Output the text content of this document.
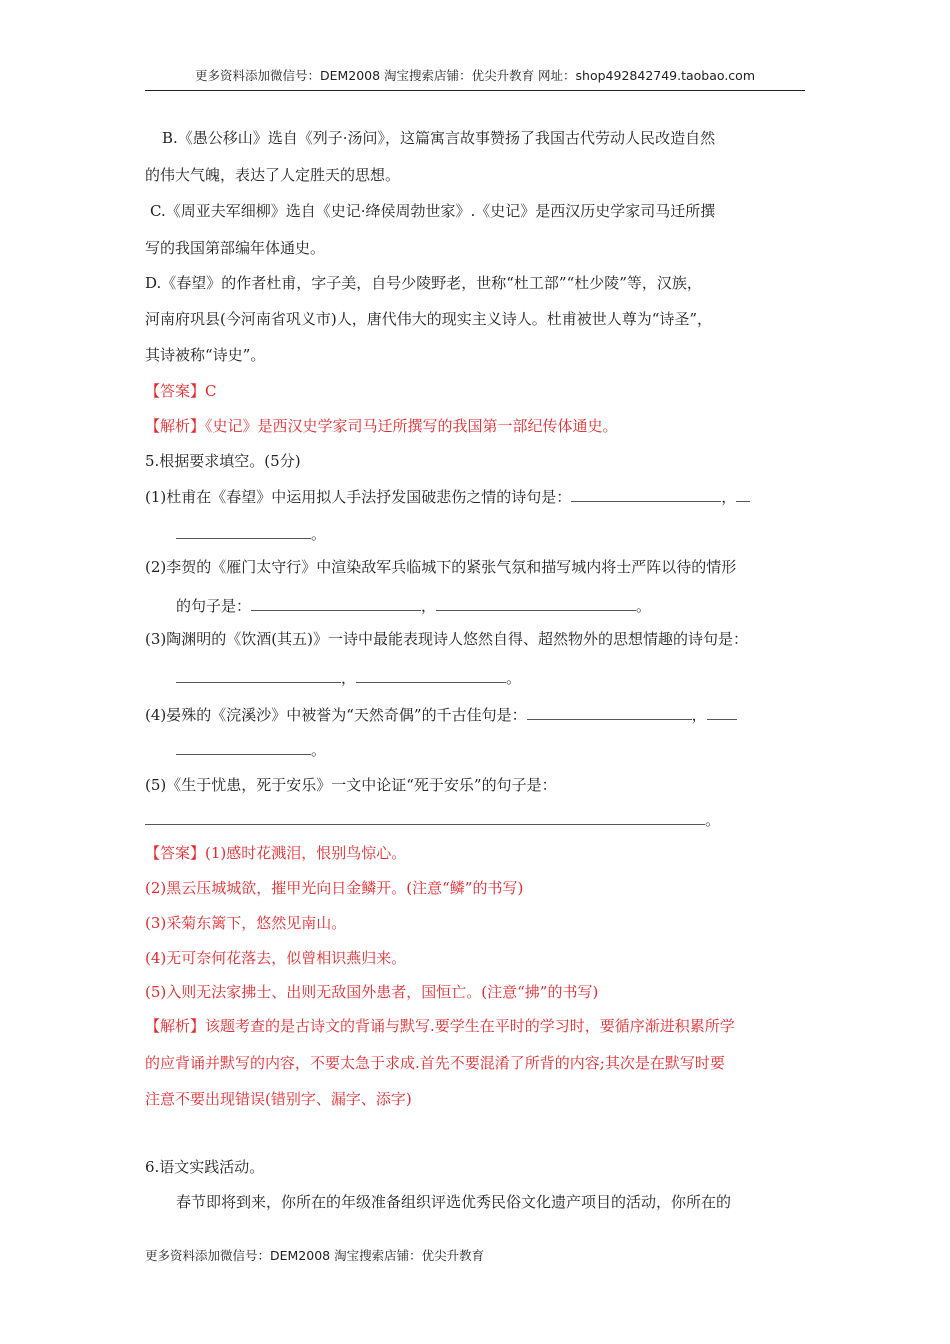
更多资料添加微信号：DEM2008 淘宝搜索店铺：优尖升教育 网址：shop492842749.taobao.com
B.《愚公移山》选自《列子·汤问》，这篇寓言故事赞扬了我国古代劳动人民改造自然
的伟大气魄，表达了人定胜天的思想。
C.《周亚夫军细柳》选自《史记·绛侯周勃世家》.《史记》是西汉历史学家司马迁所撰
写的我国第部编年体通史。
D.《春望》的作者杜甫，字子美，自号少陵野老，世称“杜工部”“杜少陵”等，汉族，
河南府巩县(今河南省巩义市)人，唐代伟大的现实主义诗人。杜甫被世人尊为“诗圣”，
其诗被称“诗史”。
【答案】C
【解析】《史记》是西汉史学家司马迁所撰写的我国第一部纪传体通史。
5.根据要求填空。(5分)
(1)杜甫在《春望》中运用拟人手法抒发国破悲伤之情的诗句是：	，
。
(2)李贺的《雁门太守行》中渲染敌军兵临城下的紧张气氛和描写城内将士严阵以待的情形
的句子是：	，	。
(3)陶渊明的《饮酒(其五)》一诗中最能表现诗人悠然自得、超然物外的思想情趣的诗句是：
，	。
(4)晏殊的《浣溪沙》中被誉为“天然奇偶”的千古佳句是：	，
。
(5)《生于忧患，死于安乐》一文中论证“死于安乐”的句子是：
。
【答案】(1)感时花溅泪，恨别鸟惊心。
(2)黑云压城城欲，摧甲光向日金鳞开。(注意“鳞”的书写)
(3)采菊东篱下，悠然见南山。
(4)无可奈何花落去，似曾相识燕归来。
(5)入则无法家拂士、出则无敌国外患者，国恒亡。(注意“拂”的书写)
【解析】该题考查的是古诗文的背诵与默写.要学生在平时的学习时，要循序渐进积累所学
的应背诵并默写的内容，不要太急于求成.首先不要混淆了所背的内容;其次是在默写时要
注意不要出现错误(错别字、漏字、添字)
6.语文实践活动。
春节即将到来，你所在的年级准备组织评选优秀民俗文化遗产项目的活动，你所在的
更多资料添加微信号：DEM2008 淘宝搜索店铺：优尖升教育
